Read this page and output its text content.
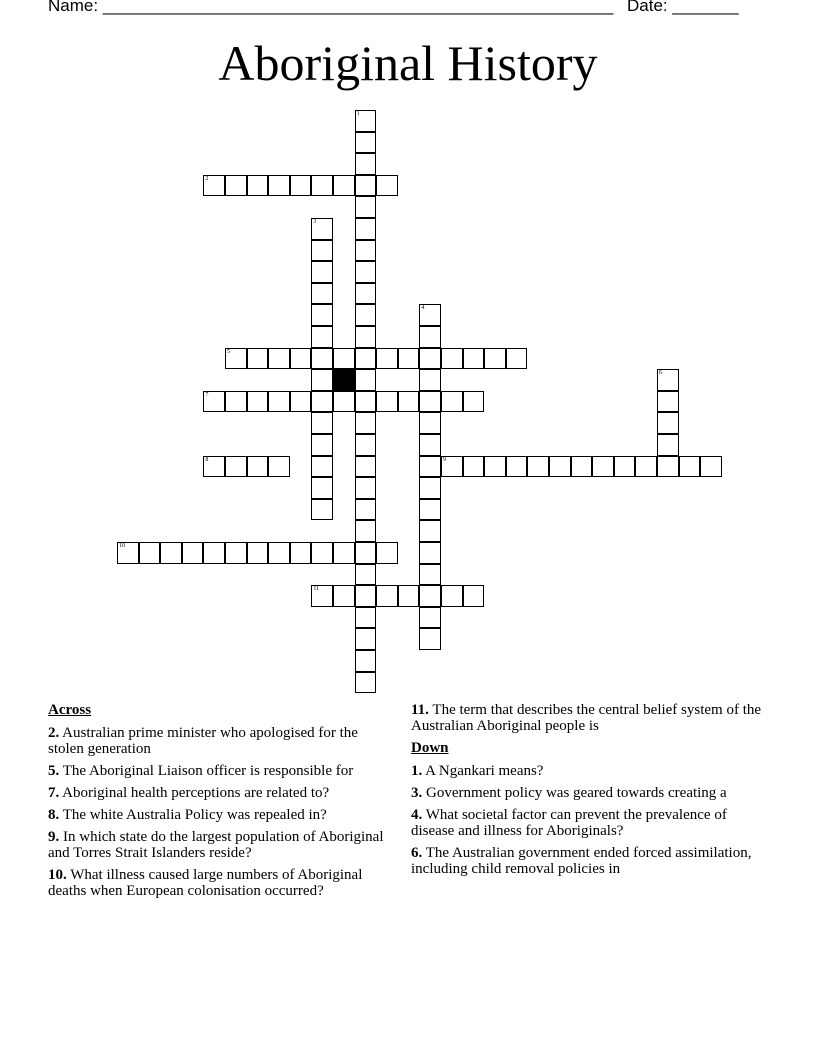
Name: ______________________________________________________ Date: _______
Aboriginal History
1
2
3
4
5
6
7
8	9
10
11
Across
2. Australian prime minister who apologised for the stolen generation
5. The Aboriginal Liaison officer is responsible for
7. Aboriginal health perceptions are related to?
8. The white Australia Policy was repealed in?
9. In which state do the largest population of Aboriginal and Torres Strait Islanders reside?
10. What illness caused large numbers of Aboriginal deaths when European colonisation occurred?
11. The term that describes the central belief system of the Australian Aboriginal people is
Down
1. A Ngankari means?
3. Government policy was geared towards creating a
4. What societal factor can prevent the prevalence of disease and illness for Aboriginals?
6. The Australian government ended forced assimilation, including child removal policies in
